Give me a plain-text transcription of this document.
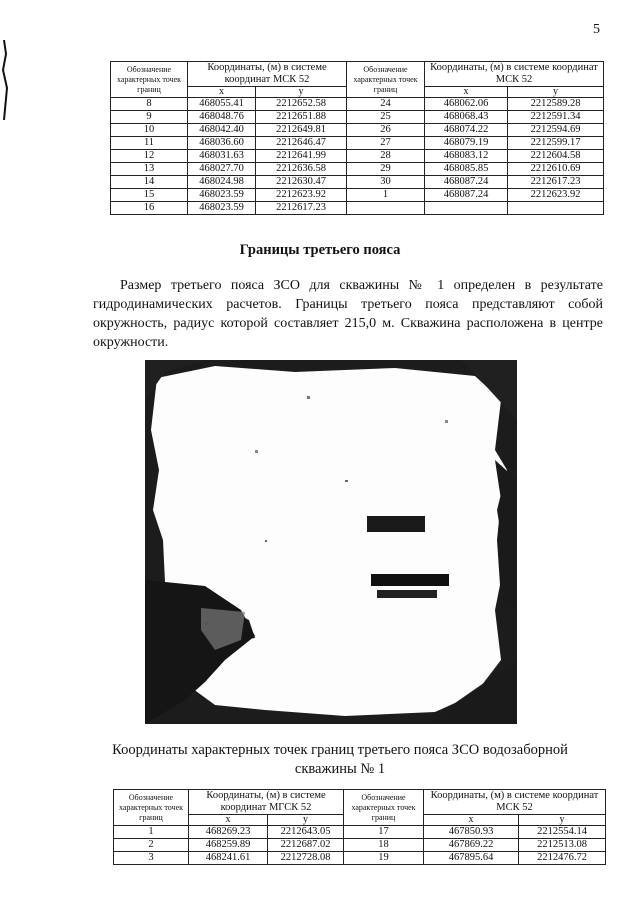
5
Обозначение характерных точек границ	Координаты, (м) в системе координат МСК 52		Обозначение характерных точек границ	Координаты, (м) в системе координат МСК 52	
	x	y		x	y
8	468055.41	2212652.58	24	468062.06	2212589.28
9	468048.76	2212651.88	25	468068.43	2212591.34
10	468042.40	2212649.81	26	468074.22	2212594.69
11	468036.60	2212646.47	27	468079.19	2212599.17
12	468031.63	2212641.99	28	468083.12	2212604.58
13	468027.70	2212636.58	29	468085.85	2212610.69
14	468024.98	2212630.47	30	468087.24	2212617.23
15	468023.59	2212623.92	1	468087.24	2212623.92
16	468023.59	2212617.23			
Границы третьего пояса
Размер третьего пояса ЗСО для скважины № 1 определен в результате гидродинамических расчетов. Границы третьего пояса представляют собой окружность, радиус которой составляет 215,0 м. Скважина расположена в центре окружности.
Координаты характерных точек границ третьего пояса ЗСО водозаборной скважины № 1
Обозначение характерных точек границ	Координаты, (м) в системе координат МГСК 52		Обозначение характерных точек границ	Координаты, (м) в системе координат МСК 52	
	x	y		x	y
1	468269.23	2212643.05	17	467850.93	2212554.14
2	468259.89	2212687.02	18	467869.22	2212513.08
3	468241.61	2212728.08	19	467895.64	2212476.72
